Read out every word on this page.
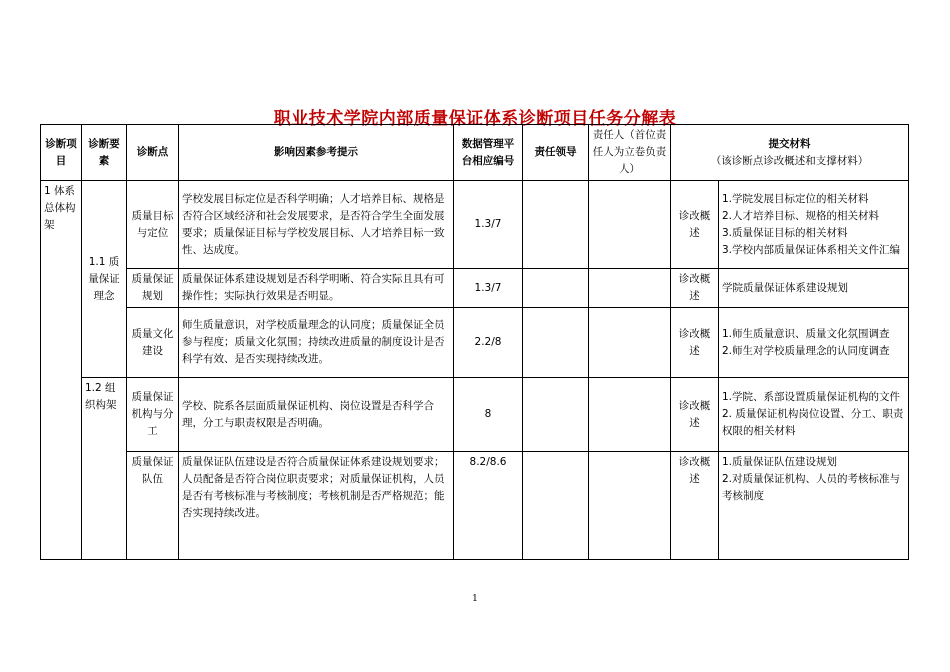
职业技术学院内部质量保证体系诊断项目任务分解表
诊断项目	诊断要素	诊断点	影响因素参考提示	数据管理平台相应编号	责任领导	责任人（首位责任人为立卷负责人）	提交材料
（该诊断点诊改概述和支撑材料）	

1 体系总体构架	1.1 质量保证理念	质量目标与定位	学校发展目标定位是否科学明确；人才培养目标、规格是否符合区域经济和社会发展要求，是否符合学生全面发展要求；质量保证目标与学校发展目标、人才培养目标一致性、达成度。	1.3/7			诊改概述	1.学院发展目标定位的相关材料
2.人才培养目标、规格的相关材料
3.质量保证目标的相关材料
3.学校内部质量保证体系相关文件汇编

		质量保证规划	质量保证体系建设规划是否科学明晰、符合实际且具有可操作性；实际执行效果是否明显。	1.3/7			诊改概述	学院质量保证体系建设规划

		质量文化建设	师生质量意识，对学校质量理念的认同度；质量保证全员参与程度；质量文化氛围；持续改进质量的制度设计是否科学有效、是否实现持续改进。	2.2/8			诊改概述	1.师生质量意识、质量文化氛围调查
2.师生对学校质量理念的认同度调查

	1.2 组织构架	质量保证机构与分工	学校、院系各层面质量保证机构、岗位设置是否科学合理，分工与职责权限是否明确。	8			诊改概述	1.学院、系部设置质量保证机构的文件
2. 质量保证机构岗位设置、分工、职责权限的相关材料

		质量保证队伍	质量保证队伍建设是否符合质量保证体系建设规划要求；人员配备是否符合岗位职责要求；对质量保证机构，人员是否有考核标准与考核制度；考核机制是否严格规范；能否实现持续改进。	8.2/8.6			诊改概述	1.质量保证队伍建设规划
2.对质量保证机构、人员的考核标准与考核制度
1
